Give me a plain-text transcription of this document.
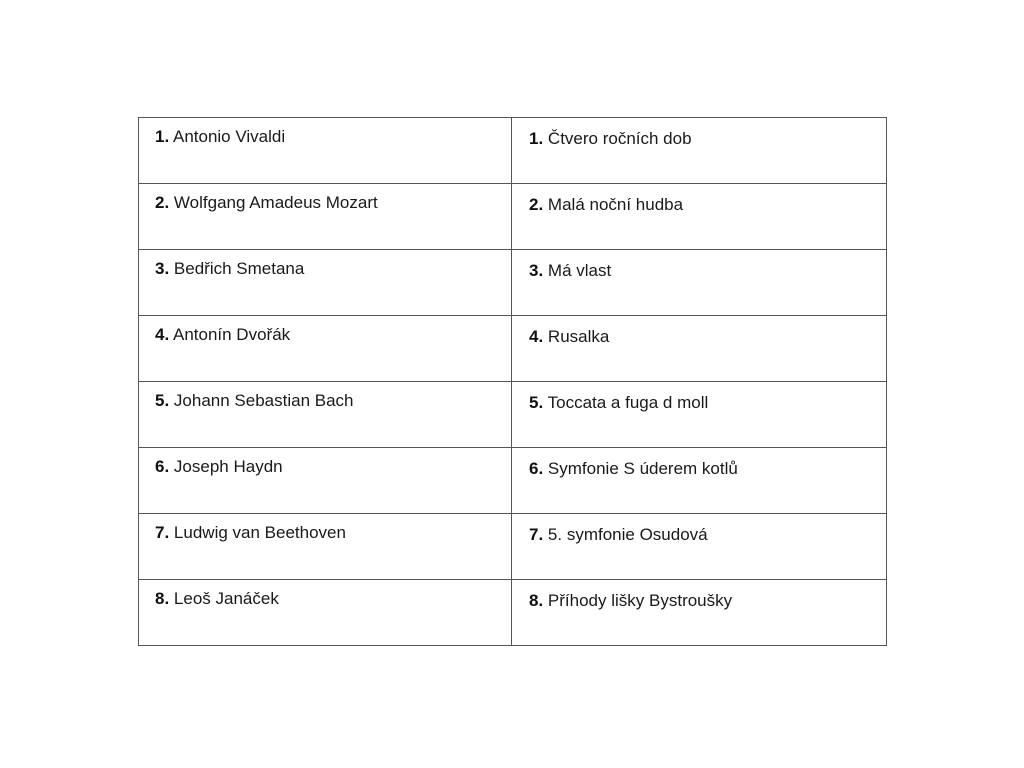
1. Antonio Vivaldi	1. Čtvero ročních dob

2. Wolfgang Amadeus Mozart	2. Malá noční hudba

3. Bedřich Smetana	3. Má vlast

4. Antonín Dvořák	4. Rusalka

5. Johann Sebastian Bach	5. Toccata a fuga d moll

6. Joseph Haydn	6. Symfonie S úderem kotlů

7. Ludwig van Beethoven	7. 5. symfonie Osudová

8. Leoš Janáček	8. Příhody lišky Bystroušky
